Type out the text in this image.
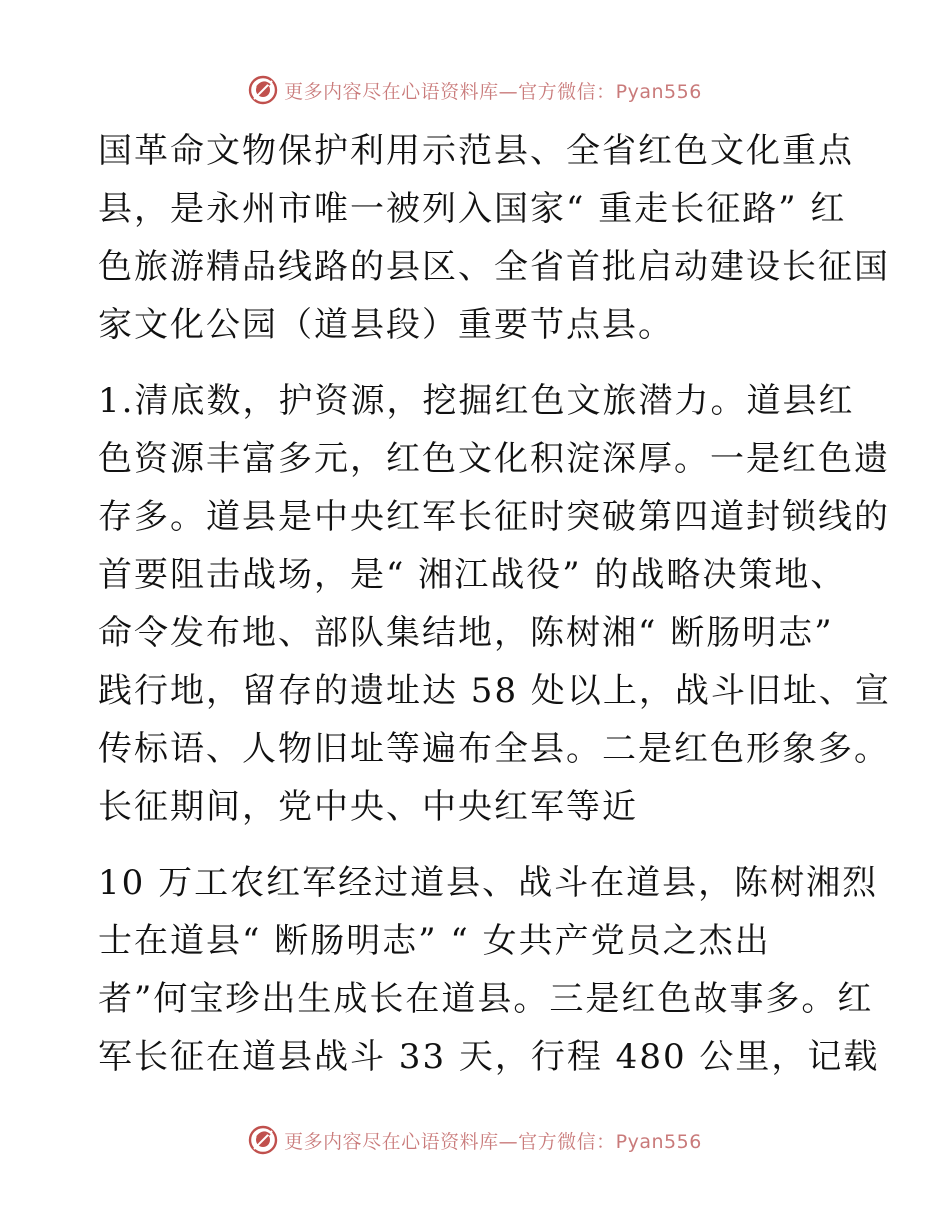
更多内容尽在心语资料库—官方微信：Pyan556
国革命文物保护利用示范县、全省红色文化重点
县，是永州市唯一被列入国家“ 重走长征路” 红
色旅游精品线路的县区、全省首批启动建设长征国
家文化公园（道县段）重要节点县。
1.清底数，护资源，挖掘红色文旅潜力。道县红
色资源丰富多元，红色文化积淀深厚。一是红色遗
存多。道县是中央红军长征时突破第四道封锁线的
首要阻击战场，是“ 湘江战役” 的战略决策地、
命令发布地、部队集结地，陈树湘“ 断肠明志”
践行地，留存的遗址达 58 处以上，战斗旧址、宣
传标语、人物旧址等遍布全县。二是红色形象多。
长征期间，党中央、中央红军等近
10 万工农红军经过道县、战斗在道县，陈树湘烈
士在道县“ 断肠明志” “ 女共产党员之杰出
者”何宝珍出生成长在道县。三是红色故事多。红
军长征在道县战斗 33 天，行程 480 公里，记载
更多内容尽在心语资料库—官方微信：Pyan556
